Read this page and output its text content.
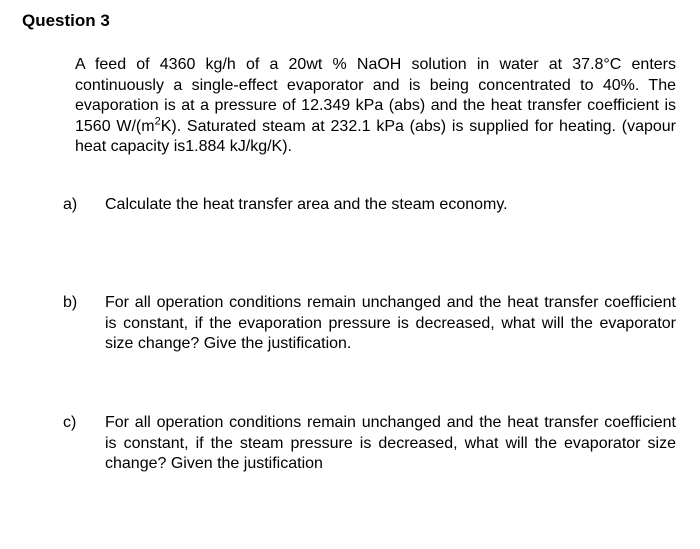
Question 3

A feed of 4360 kg/h of a 20wt % NaOH solution in water at 37.8°C enters continuously a single-effect evaporator and is being concentrated to 40%. The evaporation is at a pressure of 12.349 kPa (abs) and the heat transfer coefficient is 1560 $W/(m^2K)$. Saturated steam at 232.1 kPa (abs) is supplied for heating. (vapour heat capacity is1.884 kJ/kg/K).

a)	Calculate the heat transfer area and the steam economy.
b)	For all operation conditions remain unchanged and the heat transfer coefficient is constant, if the evaporation pressure is decreased, what will the evaporator size change? Give the justification.
c)	For all operation conditions remain unchanged and the heat transfer coefficient is constant, if the steam pressure is decreased, what will the evaporator size change? Given the justification
